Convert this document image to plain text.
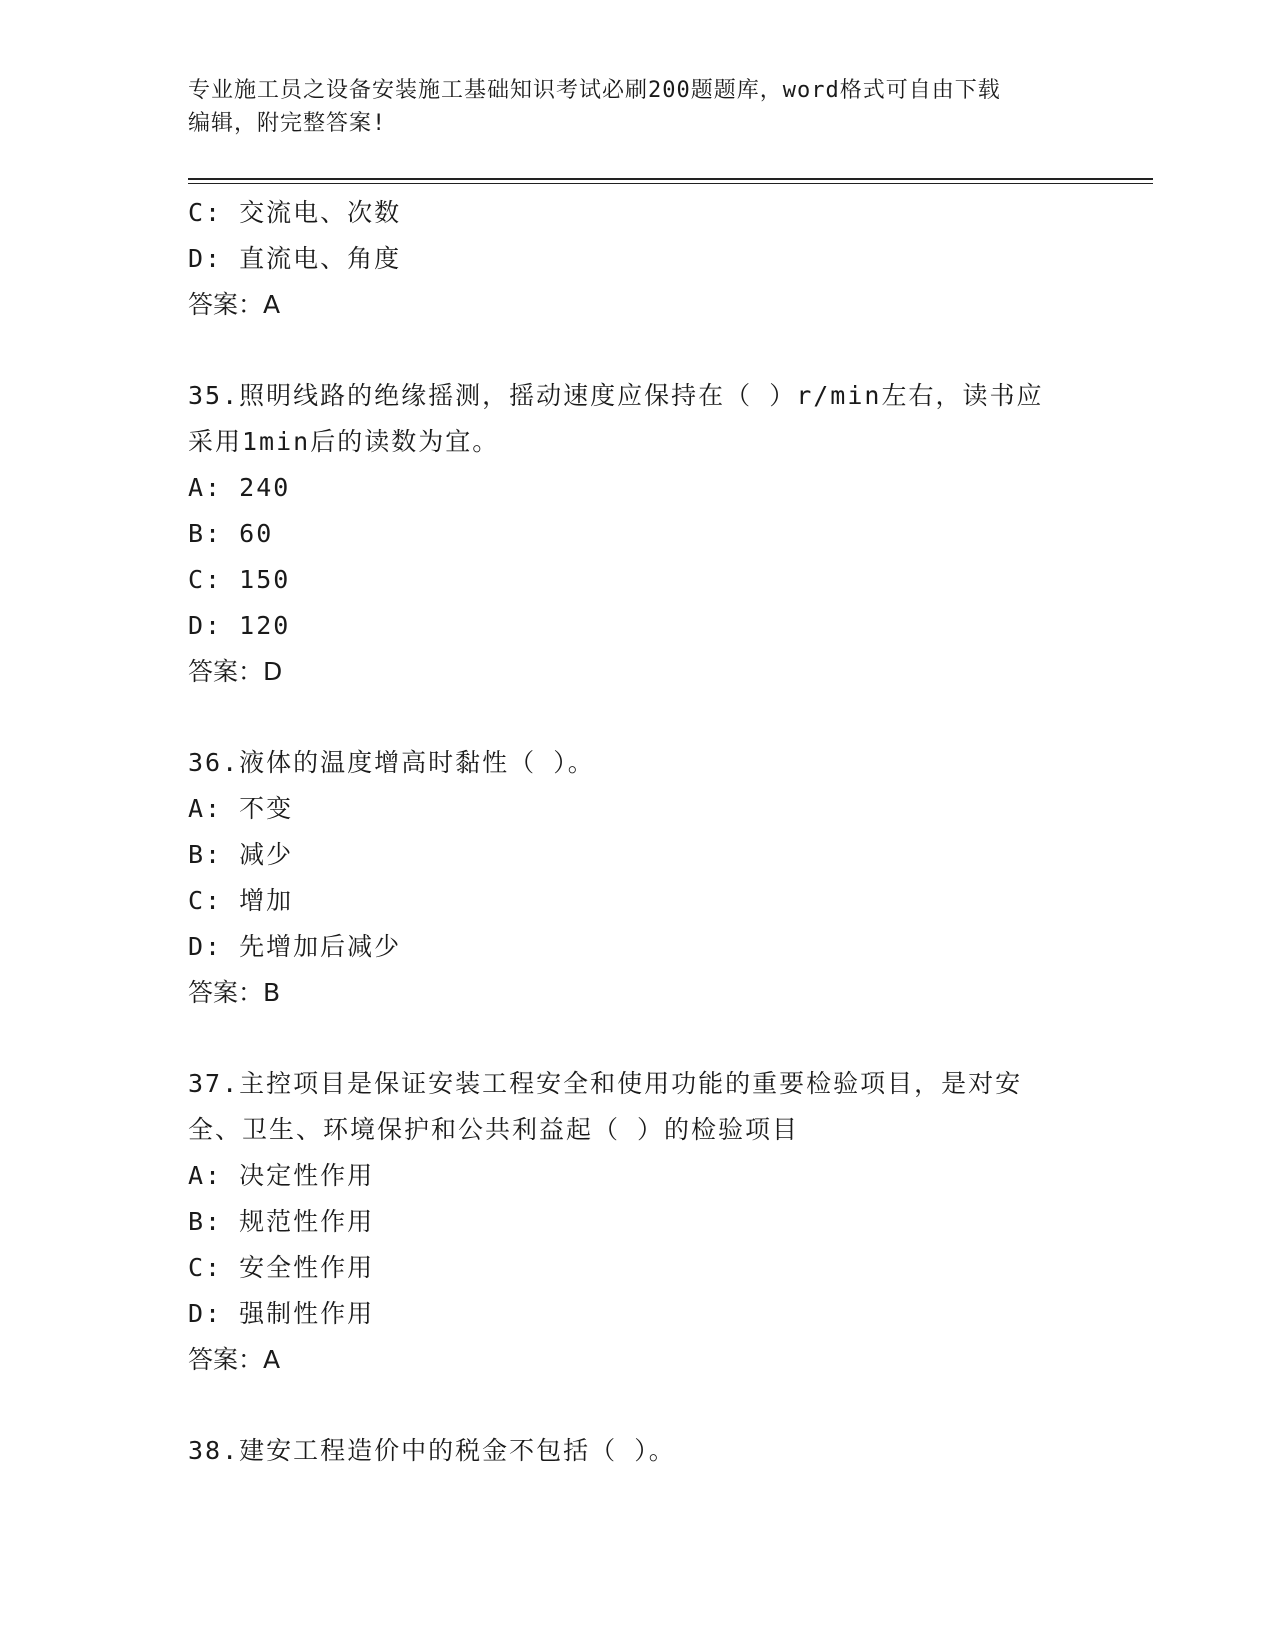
专业施工员之设备安装施工基础知识考试必刷200题题库，word格式可自由下载
编辑，附完整答案!
C: 交流电、次数
D: 直流电、角度
答案：A
35.照明线路的绝缘摇测，摇动速度应保持在（ ）r/min左右，读书应
采用1min后的读数为宜。
A: 240
B: 60
C: 150
D: 120
答案：D
36.液体的温度增高时黏性（ ）。
A: 不变
B: 减少
C: 增加
D: 先增加后减少
答案：B
37.主控项目是保证安装工程安全和使用功能的重要检验项目，是对安
全、卫生、环境保护和公共利益起（ ）的检验项目
A: 决定性作用
B: 规范性作用
C: 安全性作用
D: 强制性作用
答案：A
38.建安工程造价中的税金不包括（ ）。
